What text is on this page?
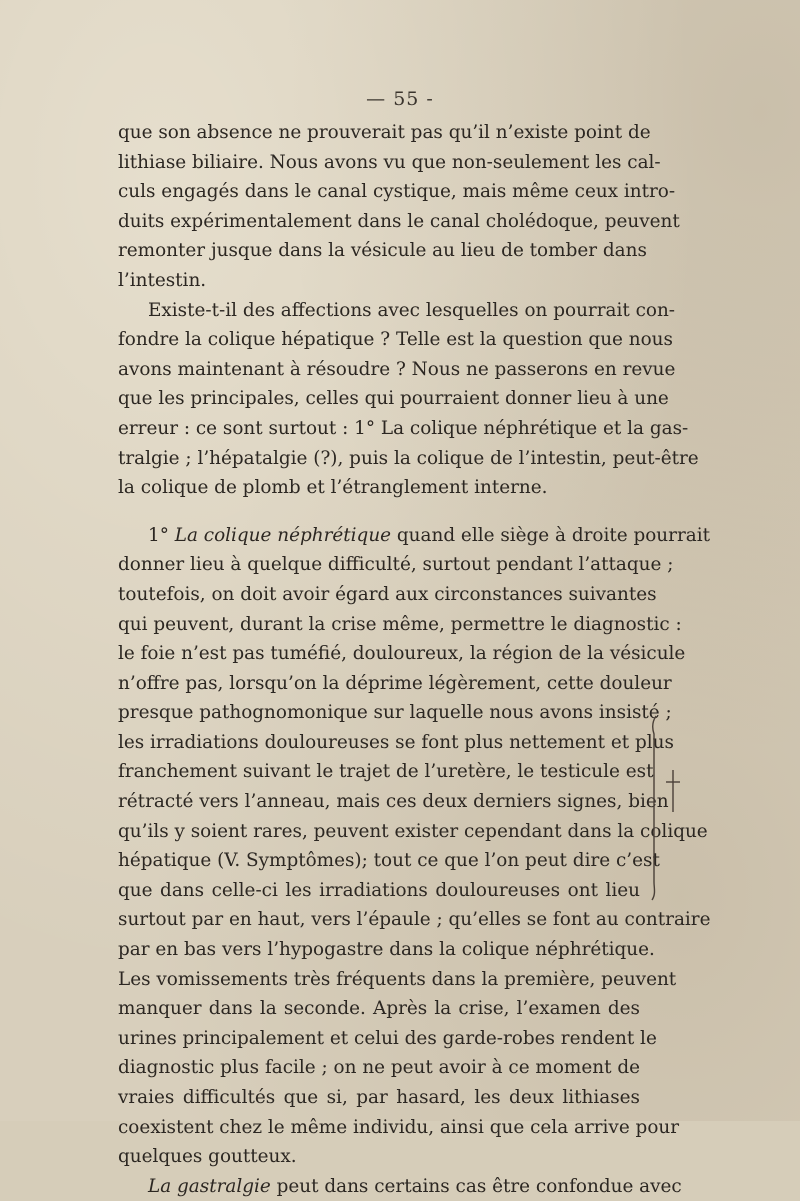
— 55 -
que son absence ne prouverait pas qu’il n’existe point de
lithiase biliaire. Nous avons vu que non-seulement les cal-
culs engagés dans le canal cystique, mais même ceux intro-
duits expérimentalement dans le canal cholédoque, peuvent
remonter jusque dans la vésicule au lieu de tomber dans
l’intestin.
Existe-t-il des affections avec lesquelles on pourrait con-
fondre la colique hépatique ? Telle est la question que nous
avons maintenant à résoudre ? Nous ne passerons en revue
que les principales, celles qui pourraient donner lieu à une
erreur : ce sont surtout : 1° La colique néphrétique et la gas-
tralgie ; l’hépatalgie (?), puis la colique de l’intestin, peut-être
la colique de plomb et l’étranglement interne.
1° La colique néphrétique quand elle siège à droite pourrait
donner lieu à quelque difficulté, surtout pendant l’attaque ;
toutefois, on doit avoir égard aux circonstances suivantes
qui peuvent, durant la crise même, permettre le diagnostic :
le foie n’est pas tuméfié, douloureux, la région de la vésicule
n’offre pas, lorsqu’on la déprime légèrement, cette douleur
presque pathognomonique sur laquelle nous avons insisté ;
les irradiations douloureuses se font plus nettement et plus
franchement suivant le trajet de l’uretère, le testicule est
rétracté vers l’anneau, mais ces deux derniers signes, bien
qu’ils y soient rares, peuvent exister cependant dans la colique
hépatique (V. Symptômes); tout ce que l’on peut dire c’est
que dans celle-ci les irradiations douloureuses ont lieu
surtout par en haut, vers l’épaule ; qu’elles se font au contraire
par en bas vers l’hypogastre dans la colique néphrétique.
Les vomissements très fréquents dans la première, peuvent
manquer dans la seconde. Après la crise, l’examen des
urines principalement et celui des garde-robes rendent le
diagnostic plus facile ; on ne peut avoir à ce moment de
vraies difficultés que si, par hasard, les deux lithiases
coexistent chez le même individu, ainsi que cela arrive pour
quelques goutteux.
La gastralgie peut dans certains cas être confondue avec
